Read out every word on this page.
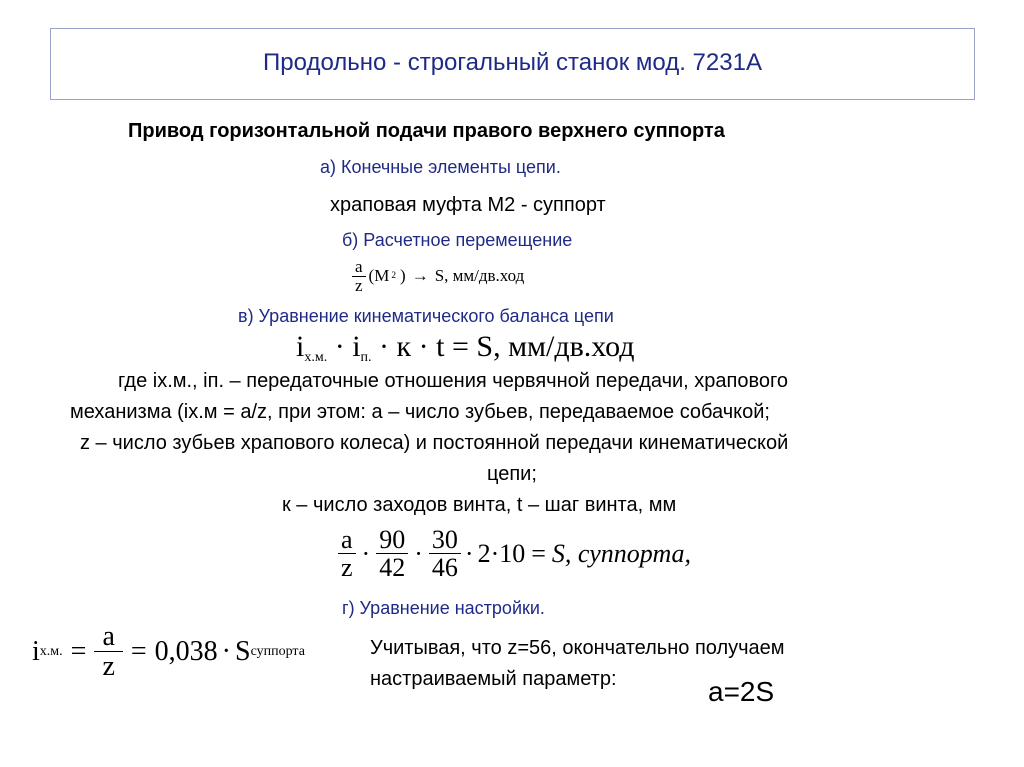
Продольно - строгальный станок мод. 7231А
Привод горизонтальной подачи правого верхнего суппорта
а) Конечные элементы цепи.
храповая муфта М2 - суппорт
б) Расчетное перемещение
$\frac{a}{z}$ ( M 2 ) → S, мм/дв.ход
в) Уравнение кинематического баланса цепи
$i_{х.м.} \cdot i_{п.} \cdot к \cdot t = S$, мм/дв.ход
где iх.м., iп. – передаточные отношения червячной передачи, храпового
механизма (iх.м = a/z, при этом: а – число зубьев, передаваемое собачкой;
z – число зубьев храпового колеса) и постоянной передачи кинематической
цепи;
к – число заходов винта, t – шаг винта, мм
$\frac{a}{z} \cdot \frac{90}{42} \cdot \frac{30}{46} \cdot 2\cdot 10 = S$, суппорта,
г) Уравнение настройки.
i х.м. = $\frac{a}{z} = 0,038 \cdot S$ суппорта	Учитывая, что z=56, окончательно получаем
настраиваемый параметр:	a=2S
